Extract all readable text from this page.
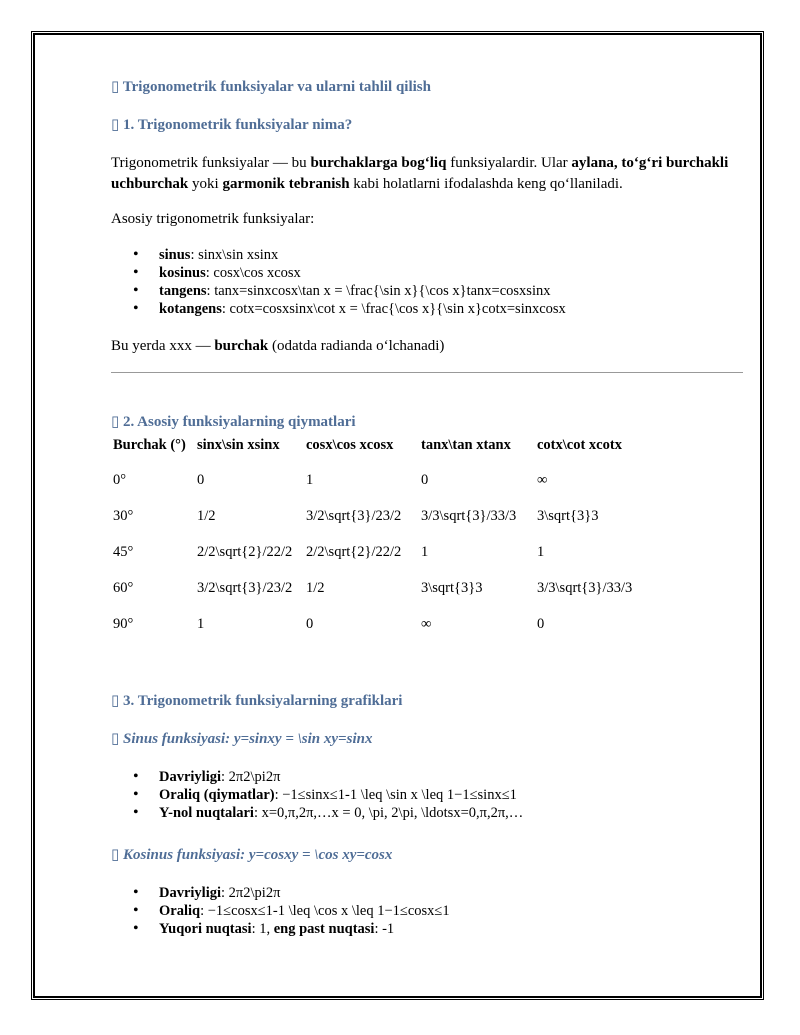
▯ Trigonometrik funksiyalar va ularni tahlil qilish
▯ 1. Trigonometrik funksiyalar nima?
Trigonometrik funksiyalar — bu burchaklarga bog‘liq funksiyalardir. Ular aylana, to‘g‘ri burchakli uchburchak yoki garmonik tebranish kabi holatlarni ifodalashda keng qo‘llaniladi.
Asosiy trigonometrik funksiyalar:
• sinus: sinx\sin xsinx
• kosinus: cosx\cos xcosx
• tangens: tanx=sinxcosx\tan x = \frac{\sin x}{\cos x}tanx=cosxsinx
• kotangens: cotx=cosxsinx\cot x = \frac{\cos x}{\sin x}cotx=sinxcosx
Bu yerda xxx — burchak (odatda radianda o‘lchanadi)
▯ 2. Asosiy funksiyalarning qiymatlari
Burchak (°)	sinx\sin xsinx	cosx\cos xcosx	tanx\tan xtanx	cotx\cot xcotx

0°	0	1	0	∞
30°	1/2	3/2\sqrt{3}/23/2	3/3\sqrt{3}/33/3	3\sqrt{3}3
45°	2/2\sqrt{2}/22/2	2/2\sqrt{2}/22/2	1	1
60°	3/2\sqrt{3}/23/2	1/2	3\sqrt{3}3	3/3\sqrt{3}/33/3
90°	1	0	∞	0
▯ 3. Trigonometrik funksiyalarning grafiklari
▯ Sinus funksiyasi: y=sinxy = \sin xy=sinx
• Davriyligi: 2π2\pi2π
• Oraliq (qiymatlar): −1≤sinx≤1-1 \leq \sin x \leq 1−1≤sinx≤1
• Y-nol nuqtalari: x=0,π,2π,…x = 0, \pi, 2\pi, \ldotsx=0,π,2π,…
▯ Kosinus funksiyasi: y=cosxy = \cos xy=cosx
• Davriyligi: 2π2\pi2π
• Oraliq: −1≤cosx≤1-1 \leq \cos x \leq 1−1≤cosx≤1
• Yuqori nuqtasi: 1, eng past nuqtasi: -1
